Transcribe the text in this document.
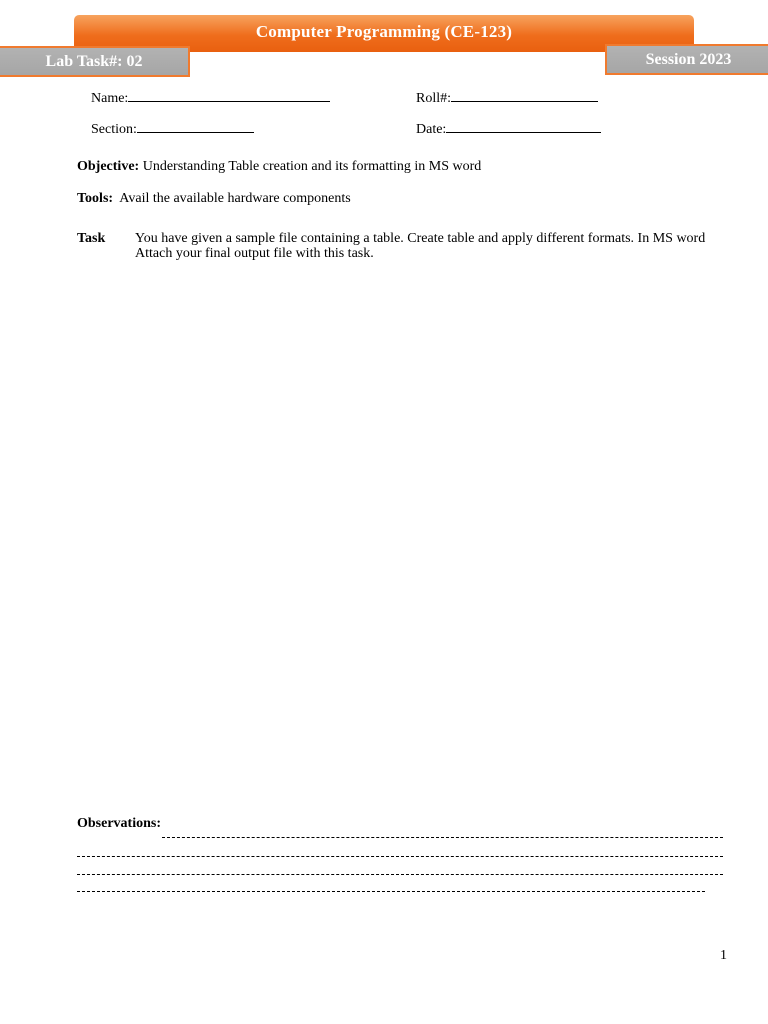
Computer Programming (CE-123)
Lab Task#: 02	Session 2023
Name:	Roll#:
Section:	Date:
Objective: Understanding Table creation and its formatting in MS word
Tools: Avail the available hardware components
Task You have given a sample file containing a table. Create table and apply different formats. In MS word
Attach your final output file with this task.
Observations:
1
